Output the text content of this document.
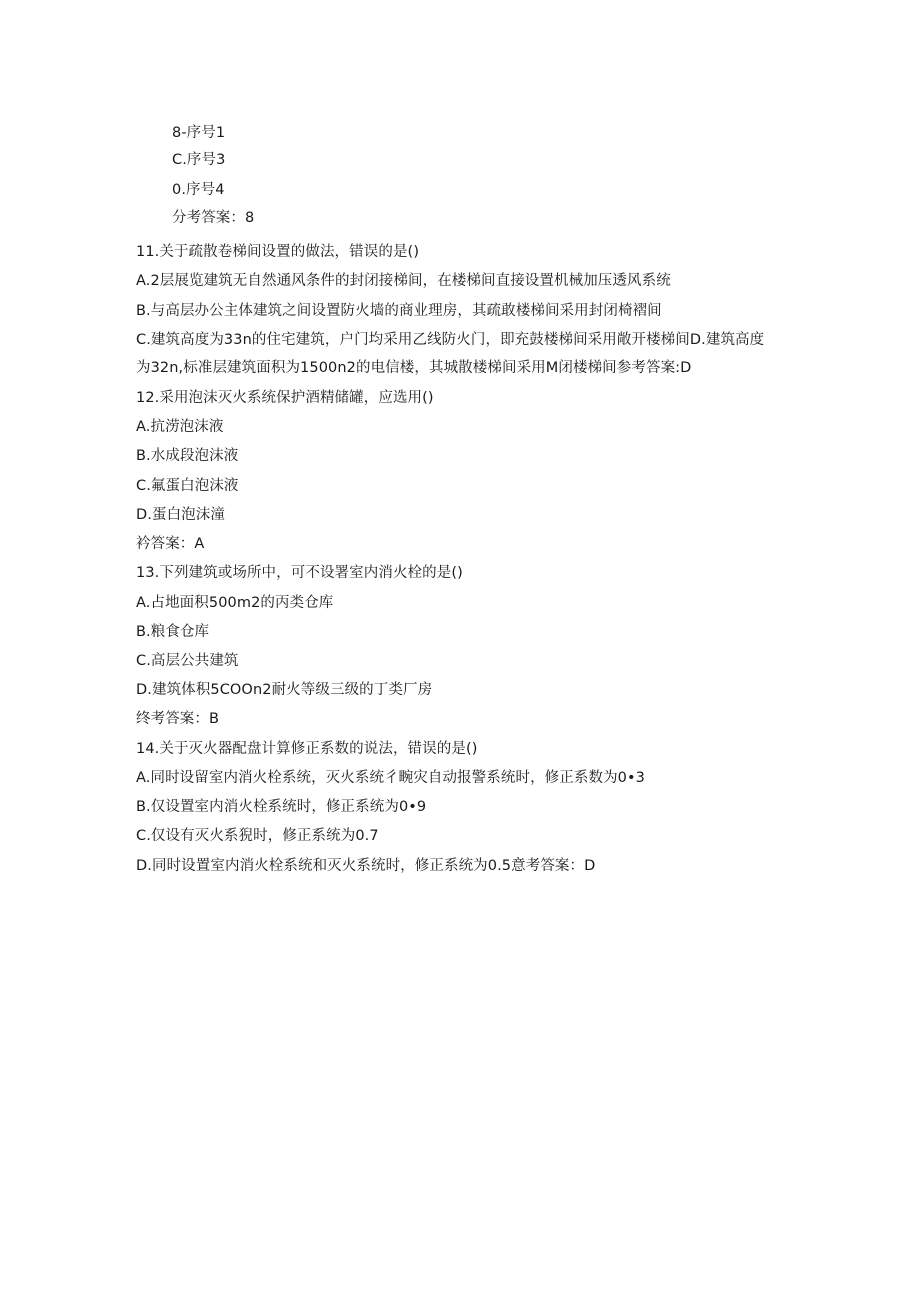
8-序号1
C.序号3
0.序号4
分考答案：8
11.关于疏散卷梯间设置的做法，错误的是()
A.2层展览建筑无自然通风条件的封闭接梯间，在楼梯间直接设置机械加压透风系统
B.与高层办公主体建筑之间设置防火墙的商业理房，其疏敢楼梯间采用封闭椅褶间
C.建筑高度为33n的住宅建筑，户门均采用乙线防火门，即充鼓楼梯间采用敞开楼梯间D.建筑高度
为32n,标准层建筑面积为1500n2的电信楼，其城散楼梯间采用M闭楼梯间参考答案:D
12.采用泡沫灭火系统保护酒精储罐，应选用()
A.抗涝泡沫液
B.水成段泡沫液
C.氟蛋白泡沫液
D.蛋白泡沫潼
衿答案：A
13.下列建筑或场所中，可不设署室内消火栓的是()
A.占地面积500m2的丙类仓库
B.粮食仓库
C.高层公共建筑
D.建筑体积5COOn2耐火等级三级的丁类厂房
终考答案：B
14.关于灭火器配盘计算修正系数的说法，错误的是()
A.同时设留室内消火栓系统，灭火系统彳畹灾自动报警系统时，修正系数为0•3
B.仅设置室内消火栓系统时，修正系统为0•9
C.仅设有灭火系猊时，修正系统为0.7
D.同时设置室内消火栓系统和灭火系统时，修正系统为0.5意考答案：D
